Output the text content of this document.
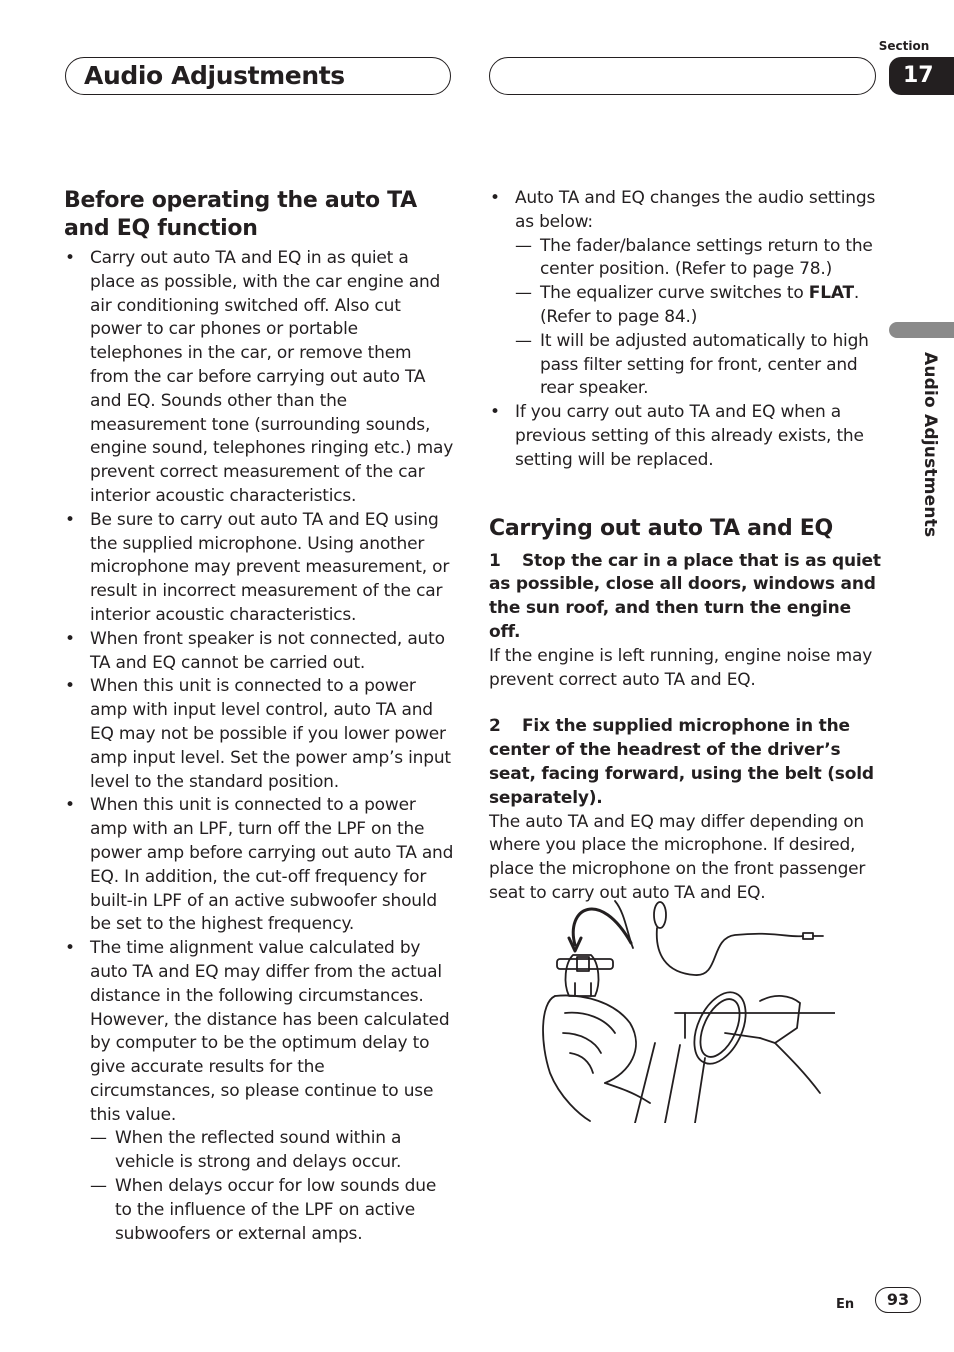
Audio Adjustments
Section
17
Audio Adjustments
Before operating the auto TA and EQ function
• Carry out auto TA and EQ in as quiet a place as possible, with the car engine and air conditioning switched off. Also cut power to car phones or portable telephones in the car, or remove them from the car before carrying out auto TA and EQ. Sounds other than the measurement tone (surrounding sounds, engine sound, telephones ringing etc.) may prevent correct measurement of the car interior acoustic characteristics.
• Be sure to carry out auto TA and EQ using the supplied microphone. Using another microphone may prevent measurement, or result in incorrect measurement of the car interior acoustic characteristics.
• When front speaker is not connected, auto TA and EQ cannot be carried out.
• When this unit is connected to a power amp with input level control, auto TA and EQ may not be possible if you lower power amp input level. Set the power amp’s input level to the standard position.
• When this unit is connected to a power amp with an LPF, turn off the LPF on the power amp before carrying out auto TA and EQ. In addition, the cut-off frequency for built-in LPF of an active subwoofer should be set to the highest frequency.
• The time alignment value calculated by auto TA and EQ may differ from the actual distance in the following circumstances. However, the distance has been calculated by computer to be the optimum delay to give accurate results for the circumstances, so please continue to use this value.
— When the reflected sound within a vehicle is strong and delays occur.
— When delays occur for low sounds due to the influence of the LPF on active subwoofers or external amps.
• Auto TA and EQ changes the audio settings as below:
— The fader/balance settings return to the center position. (Refer to page 78.)
— The equalizer curve switches to FLAT. (Refer to page 84.)
— It will be adjusted automatically to high pass filter setting for front, center and rear speaker.
• If you carry out auto TA and EQ when a previous setting of this already exists, the setting will be replaced.
Carrying out auto TA and EQ

1 Stop the car in a place that is as quiet as possible, close all doors, windows and the sun roof, and then turn the engine off.

If the engine is left running, engine noise may prevent correct auto TA and EQ.

2 Fix the supplied microphone in the center of the headrest of the driver’s seat, facing forward, using the belt (sold separately).

The auto TA and EQ may differ depending on where you place the microphone. If desired, place the microphone on the front passenger seat to carry out auto TA and EQ.

En	93
